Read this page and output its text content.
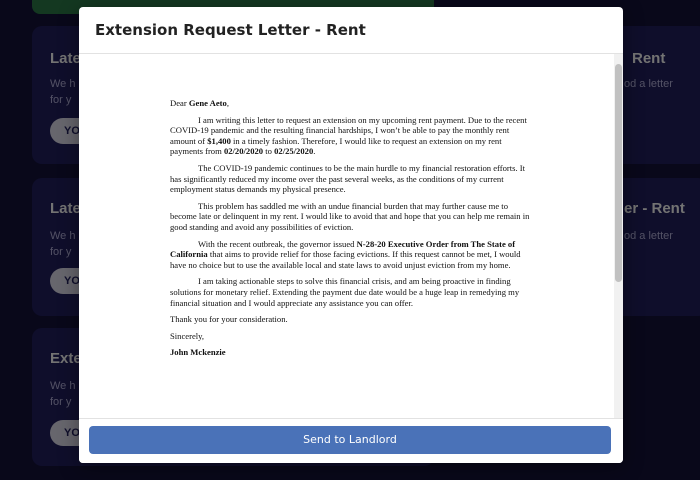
Extension Request Letter - Rent

Dear Gene Aeto,

I am writing this letter to request an extension on my upcoming rent payment. Due to the recent COVID-19 pandemic and the resulting financial hardships, I won’t be able to pay the monthly rent amount of $1,400 in a timely fashion. Therefore, I would like to request an extension on my rent payments from 02/20/2020 to 02/25/2020.

The COVID-19 pandemic continues to be the main hurdle to my financial restoration efforts. It has significantly reduced my income over the past several weeks, as the conditions of my current employment status demands my physical presence.

This problem has saddled me with an undue financial burden that may further cause me to become late or delinquent in my rent. I would like to avoid that and hope that you can help me remain in good standing and avoid any possibilities of eviction.

With the recent outbreak, the governor issued N-28-20 Executive Order from The State of California that aims to provide relief for those facing evictions. If this request cannot be met, I would have no choice but to use the available local and state laws to avoid unjust eviction from my home.

I am taking actionable steps to solve this financial crisis, and am being proactive in finding solutions for monetary relief. Extending the payment due date would be a huge leap in remedying my financial situation and I would appreciate any assistance you can offer.

Thank you for your consideration.

Sincerely,

John Mckenzie

Send to Landlord
